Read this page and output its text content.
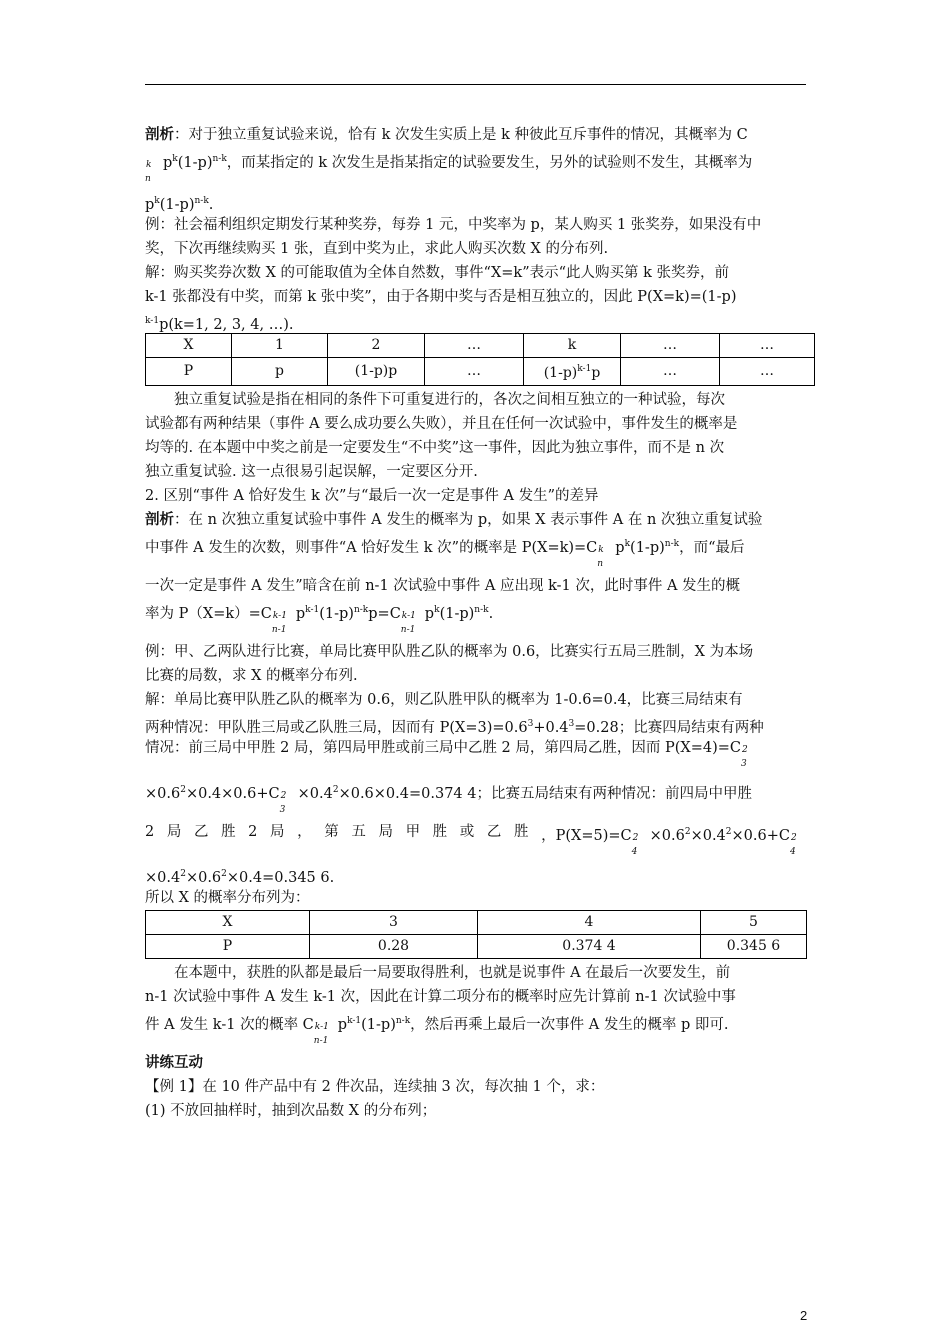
剖析：对于独立重复试验来说，恰有 k 次发生实质上是 k 种彼此互斥事件的情况，其概率为 C
k
n
$p^k(1-p)^{n-k}$，而某指定的 k 次发生是指某指定的试验要发生，另外的试验则不发生，其概率为
$p^k(1-p)^{n-k}$.
例：社会福利组织定期发行某种奖券，每券 1 元，中奖率为 p，某人购买 1 张奖券，如果没有中
奖，下次再继续购买 1 张，直到中奖为止，求此人购买次数 X 的分布列.
解：购买奖券次数 X 的可能取值为全体自然数，事件“X=k”表示“此人购买第 k 张奖券，前
k-1 张都没有中奖，而第 k 张中奖”，由于各期中奖与否是相互独立的，因此 P(X=k)=(1-p)
$^{k-1}$p(k=1, 2, 3, 4, …).
X	1	2	…	k	…	…
P	p	(1-p)p	…	$(1-p)^{k-1}p$	…	…
独立重复试验是指在相同的条件下可重复进行的，各次之间相互独立的一种试验，每次
试验都有两种结果（事件 A 要么成功要么失败），并且在任何一次试验中，事件发生的概率是
均等的. 在本题中中奖之前是一定要发生“不中奖”这一事件，因此为独立事件，而不是 n 次
独立重复试验. 这一点很易引起误解，一定要区分开.
2. 区别“事件 A 恰好发生 k 次”与“最后一次一定是事件 A 发生”的差异
剖析：在 n 次独立重复试验中事件 A 发生的概率为 p，如果 X 表示事件 A 在 n 次独立重复试验
中事件 A 发生的次数，则事件“A 恰好发生 k 次”的概率是 P(X=k)=C k
n
$p^k(1-p)^{n-k}$，而“最后
一次一定是事件 A 发生”暗含在前 n-1 次试验中事件 A 应出现 k-1 次，此时事件 A 发生的概
率为 P（X=k）=C k-1
n-1
$p^{k-1}(1-p)^{n-k}p=C$ k-1
n-1
$p^k(1-p)^{n-k}$.
例：甲、乙两队进行比赛，单局比赛甲队胜乙队的概率为 0.6，比赛实行五局三胜制，X 为本场
比赛的局数，求 X 的概率分布列.
解：单局比赛甲队胜乙队的概率为 0.6，则乙队胜甲队的概率为 1-0.6=0.4，比赛三局结束有
两种情况：甲队胜三局或乙队胜三局，因而有 $P(X=3)=0.6^3+0.4^3=0.28$；比赛四局结束有两种
情况：前三局中甲胜 2 局，第四局甲胜或前三局中乙胜 2 局，第四局乙胜，因而 P(X=4)=C 2
3
$\times 0.6^2\times 0.4\times 0.6+C$ 2
3
$\times 0.4^2\times 0.6\times 0.4=0.374$ 4；比赛五局结束有两种情况：前四局中甲胜
2 局 乙 胜 2 局 ， 第 五 局 甲 胜 或 乙 胜 ，P(X=5)=C 2
4
$\times 0.6^2\times 0.4^2\times 0.6+C$ 2
4
$\times 0.4^2\times 0.6^2\times 0.4=0.345$ 6.
所以 X 的概率分布列为：
X	3	4	5
P	0.28	0.374 4	0.345 6
在本题中，获胜的队都是最后一局要取得胜利，也就是说事件 A 在最后一次要发生，前
n-1 次试验中事件 A 发生 k-1 次，因此在计算二项分布的概率时应先计算前 n-1 次试验中事
件 A 发生 k-1 次的概率 C k-1
n-1
$p^{k-1}(1-p)^{n-k}$，然后再乘上最后一次事件 A 发生的概率 p 即可.
讲练互动
【例 1】在 10 件产品中有 2 件次品，连续抽 3 次，每次抽 1 个，求：
(1) 不放回抽样时，抽到次品数 X 的分布列；
2
